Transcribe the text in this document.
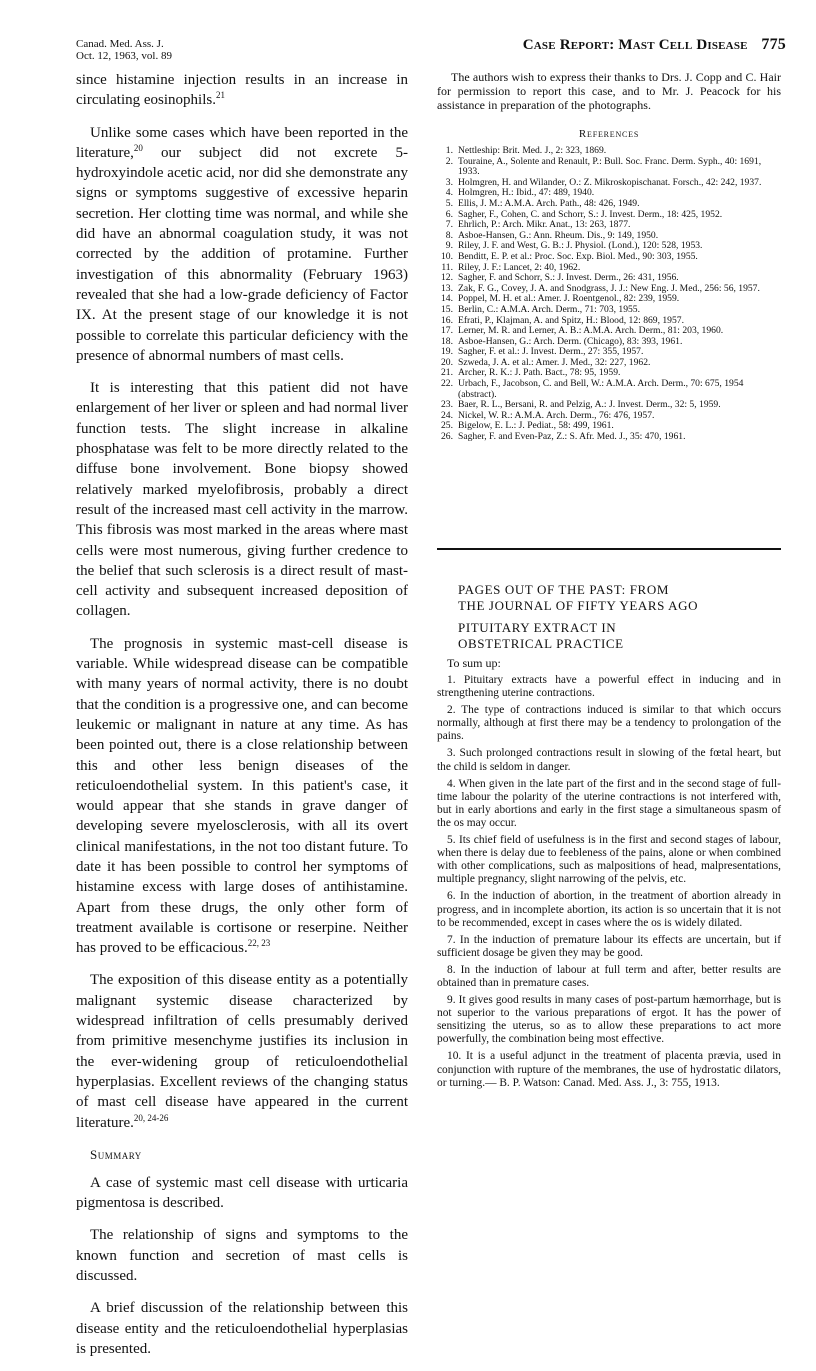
Canad. Med. Ass. J.
Oct. 12, 1963, vol. 89
Case Report: Mast Cell Disease 775

since histamine injection results in an increase in circulating eosinophils.$^{21}$

Unlike some cases which have been reported in the literature,$^{20}$ our subject did not excrete 5-hydroxyindole acetic acid, nor did she demonstrate any signs or symptoms suggestive of excessive heparin secretion. Her clotting time was normal, and while she did have an abnormal coagulation study, it was not corrected by the addition of protamine. Further investigation of this abnormality (February 1963) revealed that she had a low-grade deficiency of Factor IX. At the present stage of our knowledge it is not possible to correlate this particular deficiency with the presence of abnormal numbers of mast cells.

It is interesting that this patient did not have enlargement of her liver or spleen and had normal liver function tests. The slight increase in alkaline phosphatase was felt to be more directly related to the diffuse bone involvement. Bone biopsy showed relatively marked myelofibrosis, probably a direct result of the increased mast cell activity in the marrow. This fibrosis was most marked in the areas where mast cells were most numerous, giving further credence to the belief that such sclerosis is a direct result of mast-cell activity and subsequent increased deposition of collagen.

The prognosis in systemic mast-cell disease is variable. While widespread disease can be compatible with many years of normal activity, there is no doubt that the condition is a progressive one, and can become leukemic or malignant in nature at any time. As has been pointed out, there is a close relationship between this and other less benign diseases of the reticuloendothelial system. In this patient's case, it would appear that she stands in grave danger of developing severe myelosclerosis, with all its overt clinical manifestations, in the not too distant future. To date it has been possible to control her symptoms of histamine excess with large doses of antihistamine. Apart from these drugs, the only other form of treatment available is cortisone or reserpine. Neither has proved to be efficacious.$^{22, 23}$

The exposition of this disease entity as a potentially malignant systemic disease characterized by widespread infiltration of cells presumably derived from primitive mesenchyme justifies its inclusion in the ever-widening group of reticuloendothelial hyperplasias. Excellent reviews of the changing status of mast cell disease have appeared in the current literature.$^{20, 24-26}$

Summary

A case of systemic mast cell disease with urticaria pigmentosa is described.

The relationship of signs and symptoms to the known function and secretion of mast cells is discussed.

A brief discussion of the relationship between this disease entity and the reticuloendothelial hyperplasias is presented.

The authors wish to express their thanks to Drs. J. Copp and C. Hair for permission to report this case, and to Mr. J. Peacock for his assistance in preparation of the photographs.

References
1. Nettleship: Brit. Med. J., 2: 323, 1869.
2. Touraine, A., Solente and Renault, P.: Bull. Soc. Franc. Derm. Syph., 40: 1691, 1933.
3. Holmgren, H. and Wilander, O.: Z. Mikroskopischanat. Forsch., 42: 242, 1937.
4. Holmgren, H.: Ibid., 47: 489, 1940.
5. Ellis, J. M.: A.M.A. Arch. Path., 48: 426, 1949.
6. Sagher, F., Cohen, C. and Schorr, S.: J. Invest. Derm., 18: 425, 1952.
7. Ehrlich, P.: Arch. Mikr. Anat., 13: 263, 1877.
8. Asboe-Hansen, G.: Ann. Rheum. Dis., 9: 149, 1950.
9. Riley, J. F. and West, G. B.: J. Physiol. (Lond.), 120: 528, 1953.
10. Benditt, E. P. et al.: Proc. Soc. Exp. Biol. Med., 90: 303, 1955.
11. Riley, J. F.: Lancet, 2: 40, 1962.
12. Sagher, F. and Schorr, S.: J. Invest. Derm., 26: 431, 1956.
13. Zak, F. G., Covey, J. A. and Snodgrass, J. J.: New Eng. J. Med., 256: 56, 1957.
14. Poppel, M. H. et al.: Amer. J. Roentgenol., 82: 239, 1959.
15. Berlin, C.: A.M.A. Arch. Derm., 71: 703, 1955.
16. Efrati, P., Klajman, A. and Spitz, H.: Blood, 12: 869, 1957.
17. Lerner, M. R. and Lerner, A. B.: A.M.A. Arch. Derm., 81: 203, 1960.
18. Asboe-Hansen, G.: Arch. Derm. (Chicago), 83: 393, 1961.
19. Sagher, F. et al.: J. Invest. Derm., 27: 355, 1957.
20. Szweda, J. A. et al.: Amer. J. Med., 32: 227, 1962.
21. Archer, R. K.: J. Path. Bact., 78: 95, 1959.
22. Urbach, F., Jacobson, C. and Bell, W.: A.M.A. Arch. Derm., 70: 675, 1954 (abstract).
23. Baer, R. L., Bersani, R. and Pelzig, A.: J. Invest. Derm., 32: 5, 1959.
24. Nickel, W. R.: A.M.A. Arch. Derm., 76: 476, 1957.
25. Bigelow, E. L.: J. Pediat., 58: 499, 1961.
26. Sagher, F. and Even-Paz, Z.: S. Afr. Med. J., 35: 470, 1961.
PAGES OUT OF THE PAST: FROM
THE JOURNAL OF FIFTY YEARS AGO
PITUITARY EXTRACT IN
OBSTETRICAL PRACTICE
To sum up:

1. Pituitary extracts have a powerful effect in inducing and in strengthening uterine contractions.

2. The type of contractions induced is similar to that which occurs normally, although at first there may be a tendency to prolongation of the pains.

3. Such prolonged contractions result in slowing of the fœtal heart, but the child is seldom in danger.

4. When given in the late part of the first and in the second stage of full-time labour the polarity of the uterine contractions is not interfered with, but in early abortions and early in the first stage a simultaneous spasm of the os may occur.

5. Its chief field of usefulness is in the first and second stages of labour, when there is delay due to feebleness of the pains, alone or when combined with other complications, such as malpositions of head, malpresentations, multiple pregnancy, slight narrowing of the pelvis, etc.

6. In the induction of abortion, in the treatment of abortion already in progress, and in incomplete abortion, its action is so uncertain that it is not to be recommended, except in cases where the os is widely dilated.

7. In the induction of premature labour its effects are uncertain, but if sufficient dosage be given they may be good.

8. In the induction of labour at full term and after, better results are obtained than in premature cases.

9. It gives good results in many cases of post-partum hæmorrhage, but is not superior to the various preparations of ergot. It has the power of sensitizing the uterus, so as to allow these preparations to act more powerfully, the combination being most effective.

10. It is a useful adjunct in the treatment of placenta prævia, used in conjunction with rupture of the membranes, the use of hydrostatic dilators, or turning.— B. P. Watson: Canad. Med. Ass. J., 3: 755, 1913.
